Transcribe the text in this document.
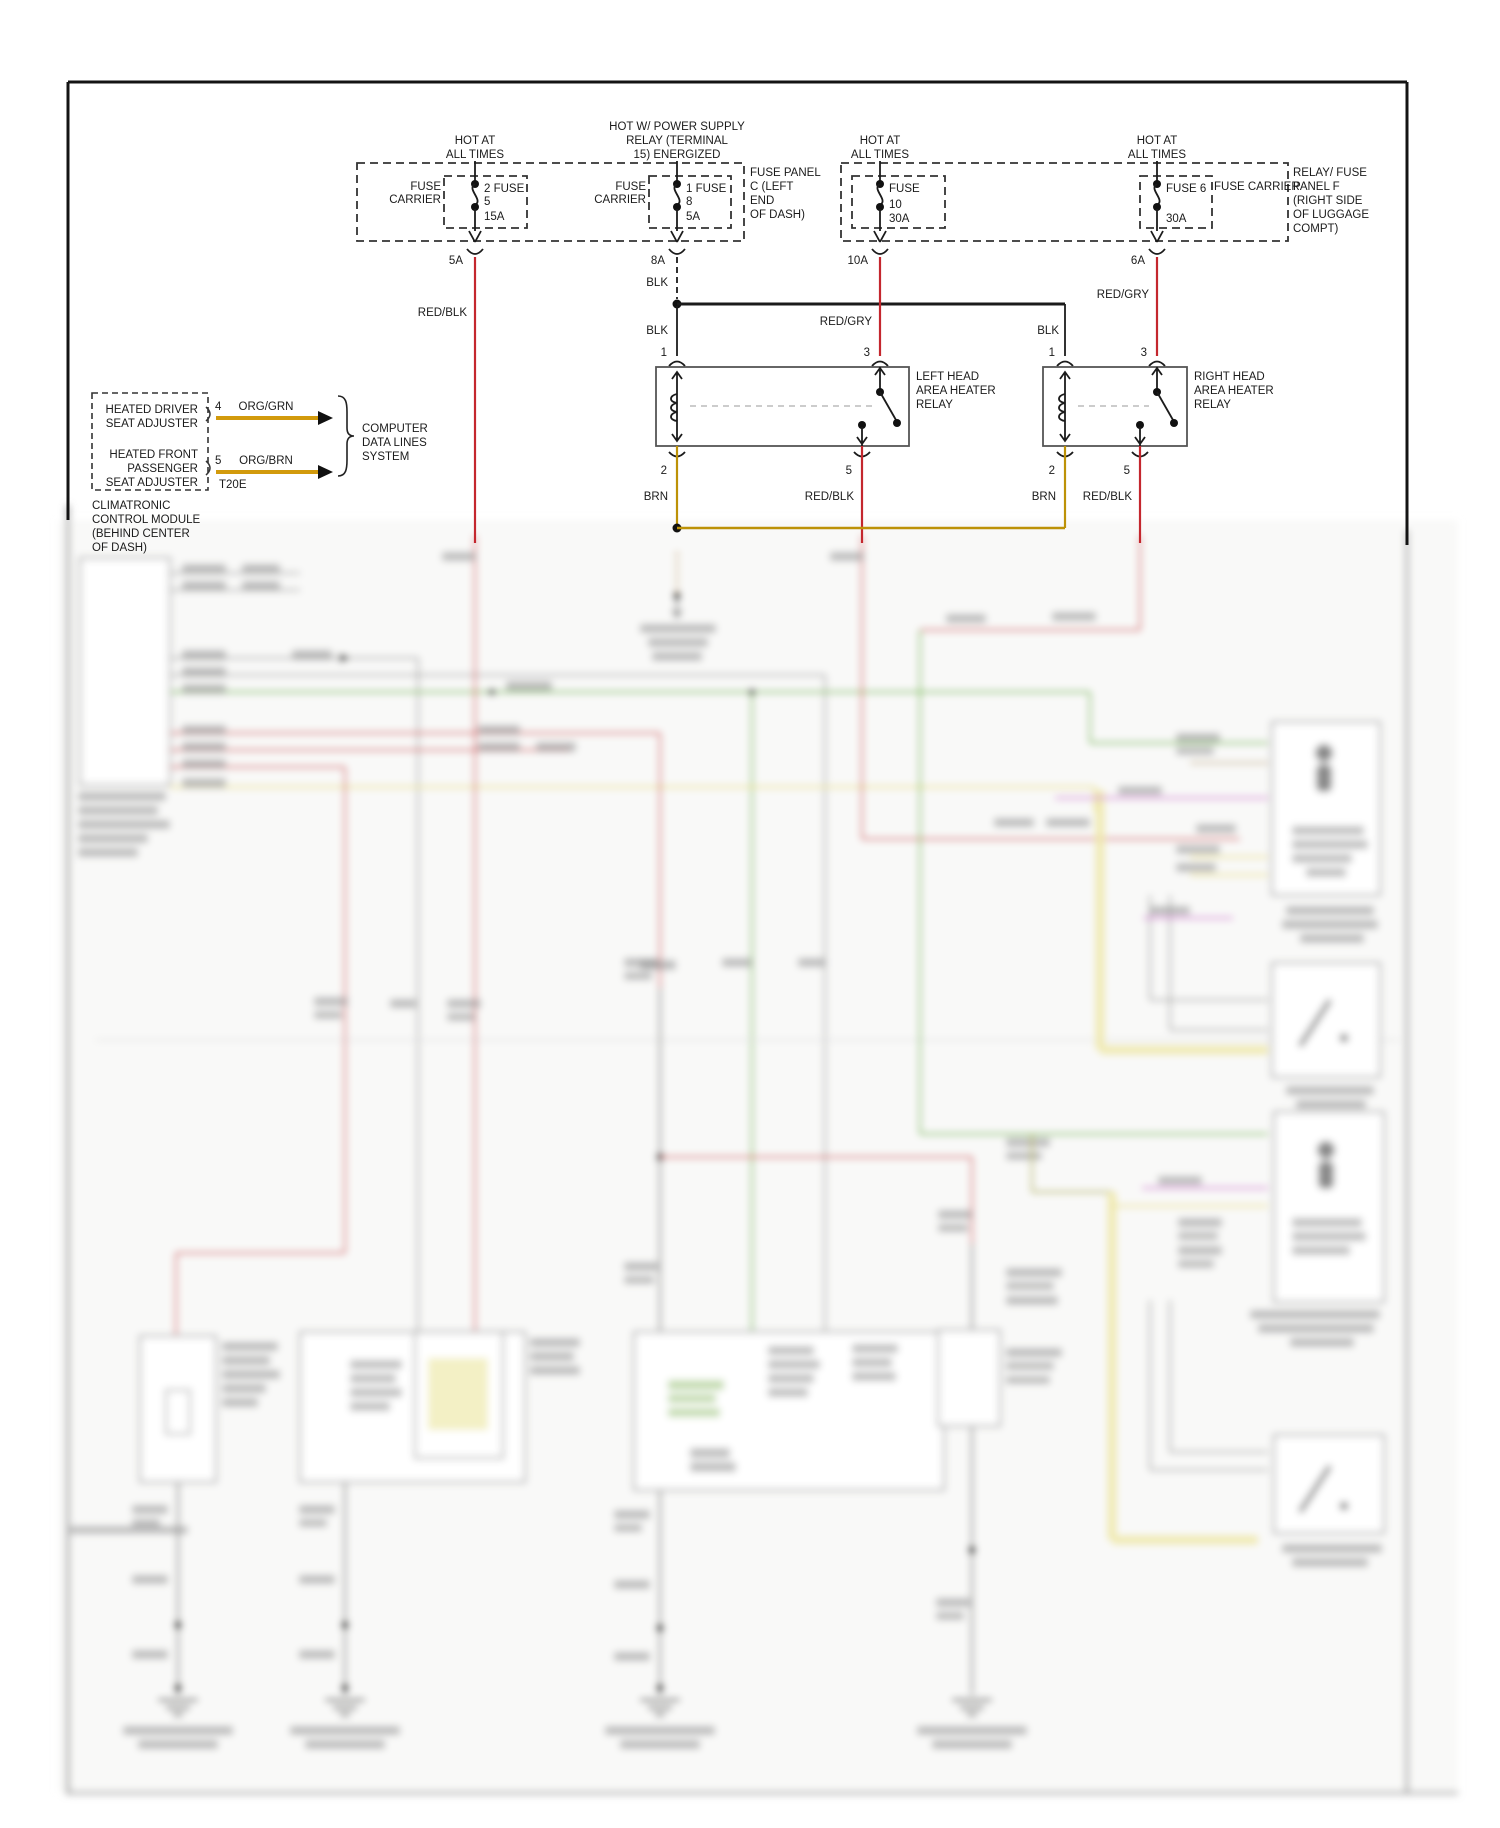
FUSE PANEL
C (LEFT
END
OF DASH)
RELAY/ FUSE
PANEL F
(RIGHT SIDE
OF LUGGAGE
COMPT)
FUSE CARRIER
HOT AT
ALL TIMES
FUSE
CARRIER
2 FUSE
5
15A
5A
RED/BLK
HOT W/ POWER SUPPLY
RELAY (TERMINAL
15) ENERGIZED
FUSE
CARRIER
1 FUSE
8
5A
8A
BLK
BLK	BLK
HOT AT
ALL TIMES
FUSE
10
30A
10A
RED/GRY
HOT AT
ALL TIMES
FUSE 6
30A
6A
RED/GRY
1	3
2	5
LEFT HEAD
AREA HEATER
RELAY
BRN	RED/BLK
1	3
2	5
RIGHT HEAD
AREA HEATER
RELAY
BRN RED/BLK
HEATED DRIVER
SEAT ADJUSTER
HEATED FRONT
PASSENGER
SEAT ADJUSTER
4
5
T20E
ORG/GRN
ORG/BRN
COMPUTER
DATA LINES
SYSTEM
CLIMATRONIC
CONTROL MODULE
(BEHIND CENTER
OF DASH)
